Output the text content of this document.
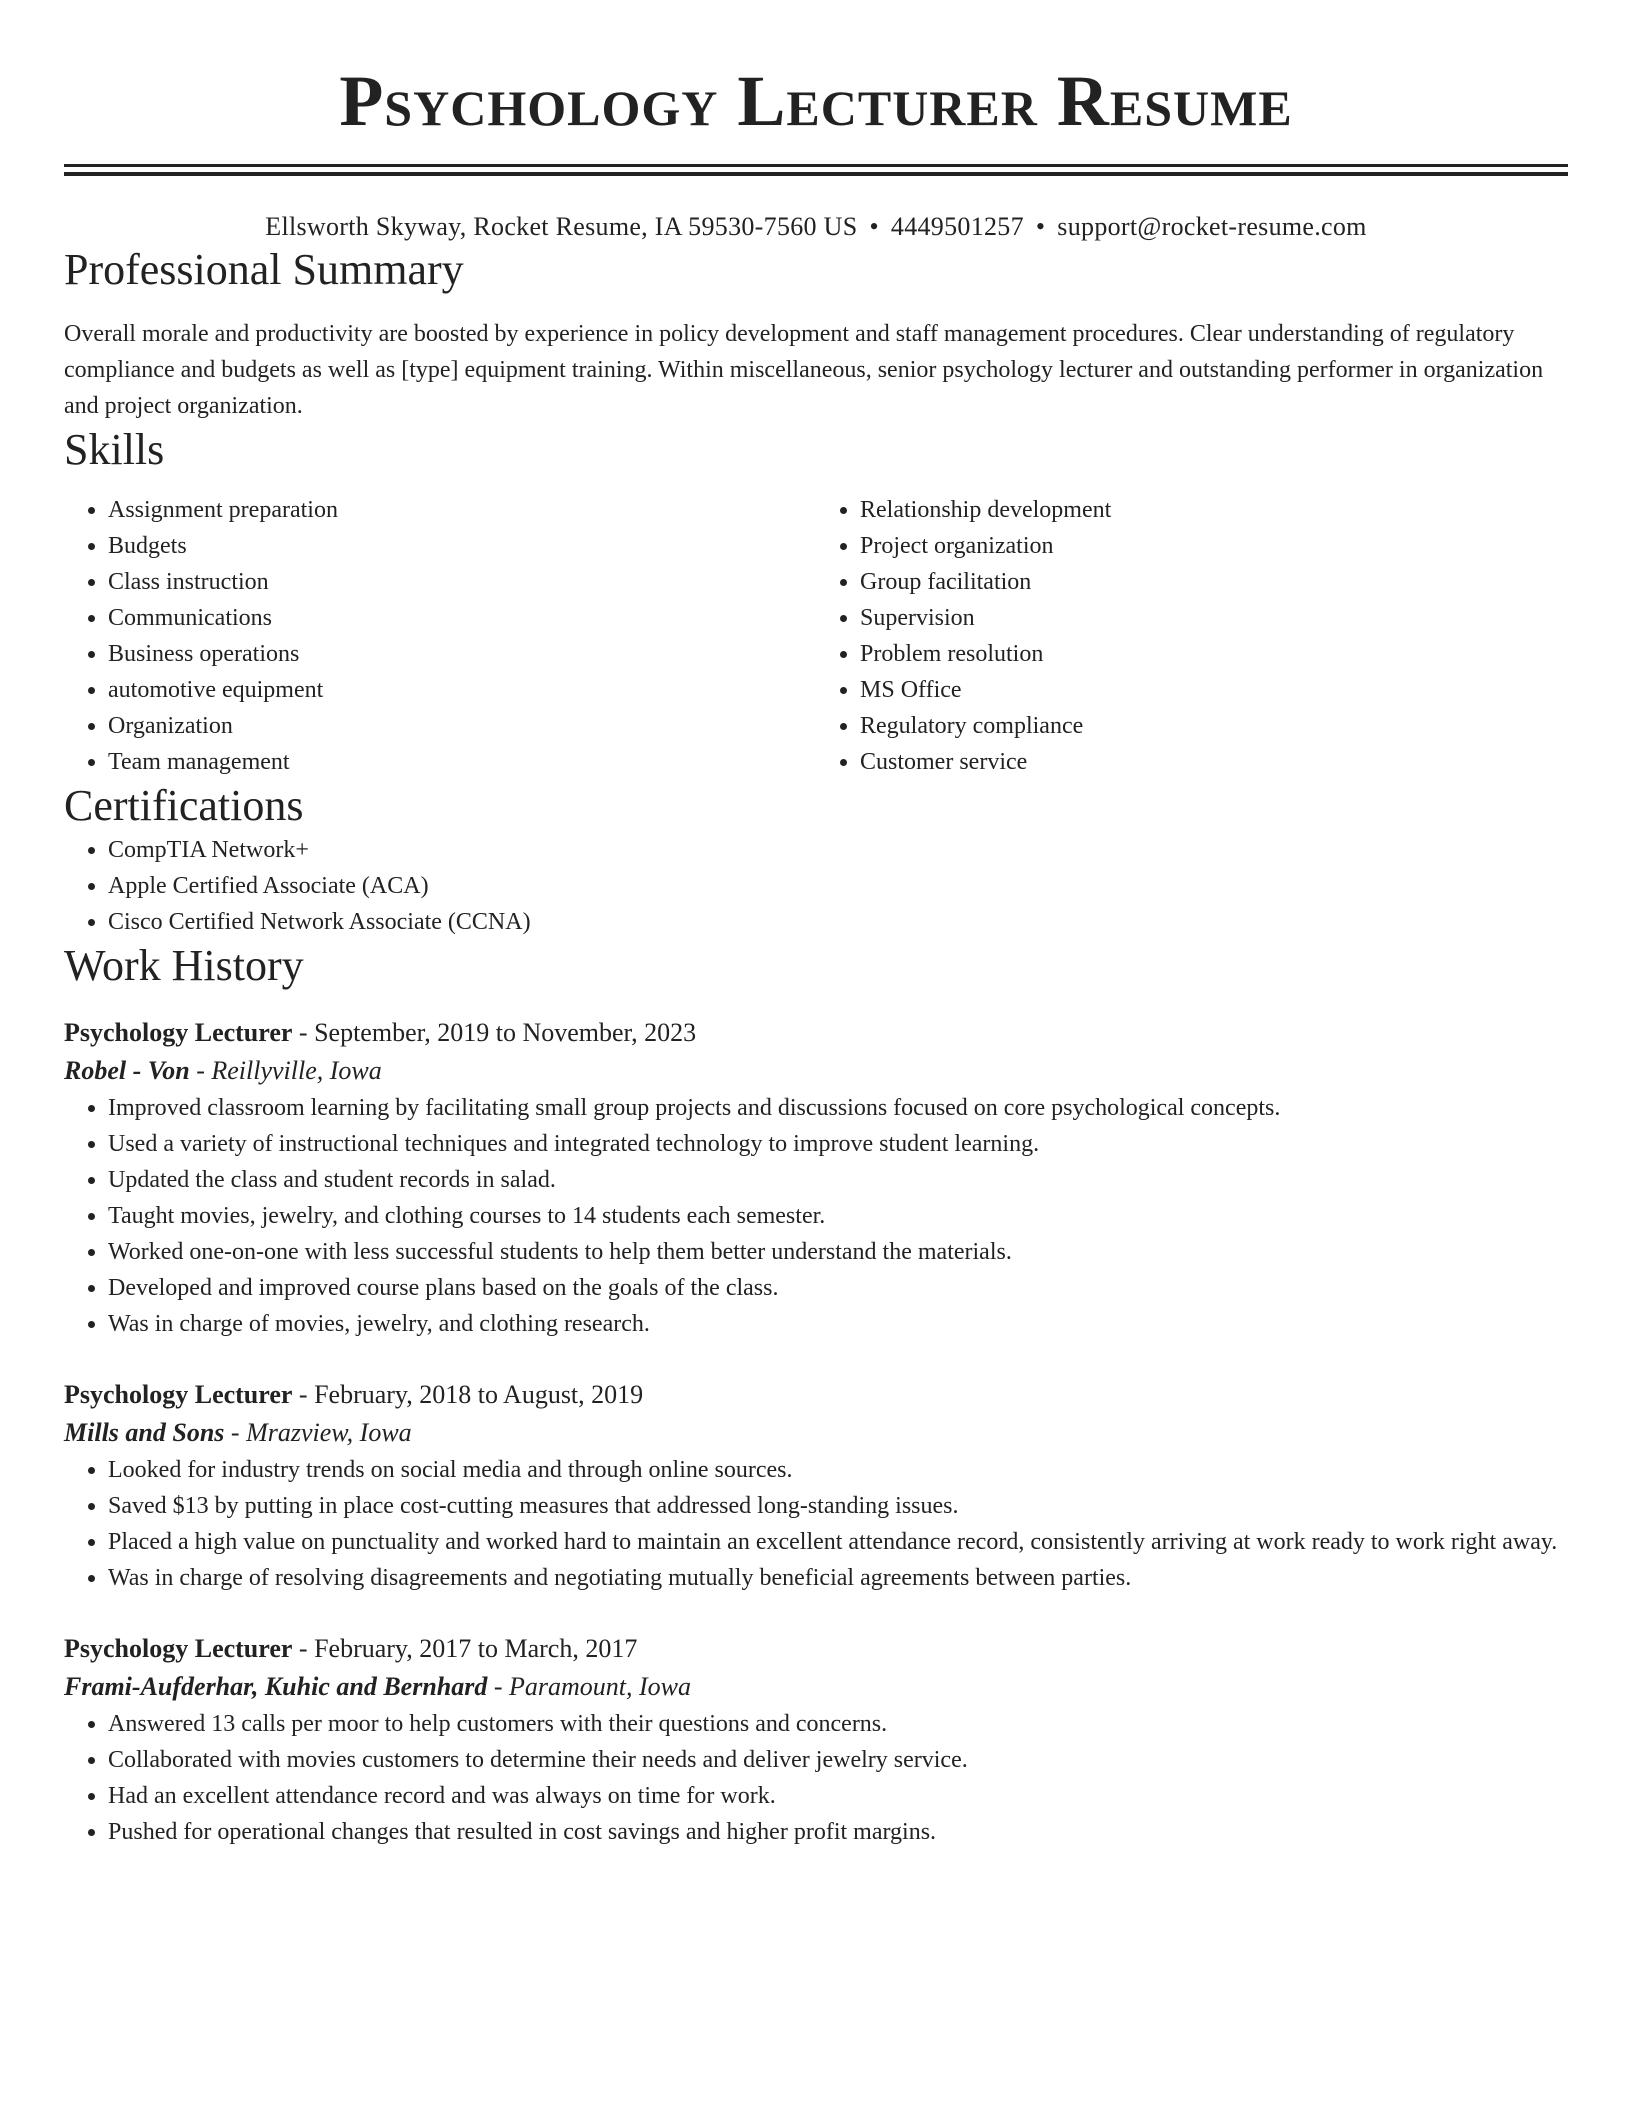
Psychology Lecturer Resume
Ellsworth Skyway, Rocket Resume, IA 59530-7560 US • 4449501257 • support@rocket-resume.com
Professional Summary

Overall morale and productivity are boosted by experience in policy development and staff management procedures. Clear understanding of regulatory compliance and budgets as well as [type] equipment training. Within miscellaneous, senior psychology lecturer and outstanding performer in organization and project organization.

Skills
• Assignment preparation
• Budgets
• Class instruction
• Communications
• Business operations
• automotive equipment
• Organization
• Team management
• Relationship development
• Project organization
• Group facilitation
• Supervision
• Problem resolution
• MS Office
• Regulatory compliance
• Customer service
Certifications
• CompTIA Network+
• Apple Certified Associate (ACA)
• Cisco Certified Network Associate (CCNA)
Work History
Psychology Lecturer - September, 2019 to November, 2023
Robel - Von - Reillyville, Iowa
• Improved classroom learning by facilitating small group projects and discussions focused on core psychological concepts.
• Used a variety of instructional techniques and integrated technology to improve student learning.
• Updated the class and student records in salad.
• Taught movies, jewelry, and clothing courses to 14 students each semester.
• Worked one-on-one with less successful students to help them better understand the materials.
• Developed and improved course plans based on the goals of the class.
• Was in charge of movies, jewelry, and clothing research.
Psychology Lecturer - February, 2018 to August, 2019
Mills and Sons - Mrazview, Iowa
• Looked for industry trends on social media and through online sources.
• Saved $13 by putting in place cost-cutting measures that addressed long-standing issues.
• Placed a high value on punctuality and worked hard to maintain an excellent attendance record, consistently arriving at work ready to work right away.
• Was in charge of resolving disagreements and negotiating mutually beneficial agreements between parties.
Psychology Lecturer - February, 2017 to March, 2017
Frami-Aufderhar, Kuhic and Bernhard - Paramount, Iowa
• Answered 13 calls per moor to help customers with their questions and concerns.
• Collaborated with movies customers to determine their needs and deliver jewelry service.
• Had an excellent attendance record and was always on time for work.
• Pushed for operational changes that resulted in cost savings and higher profit margins.
